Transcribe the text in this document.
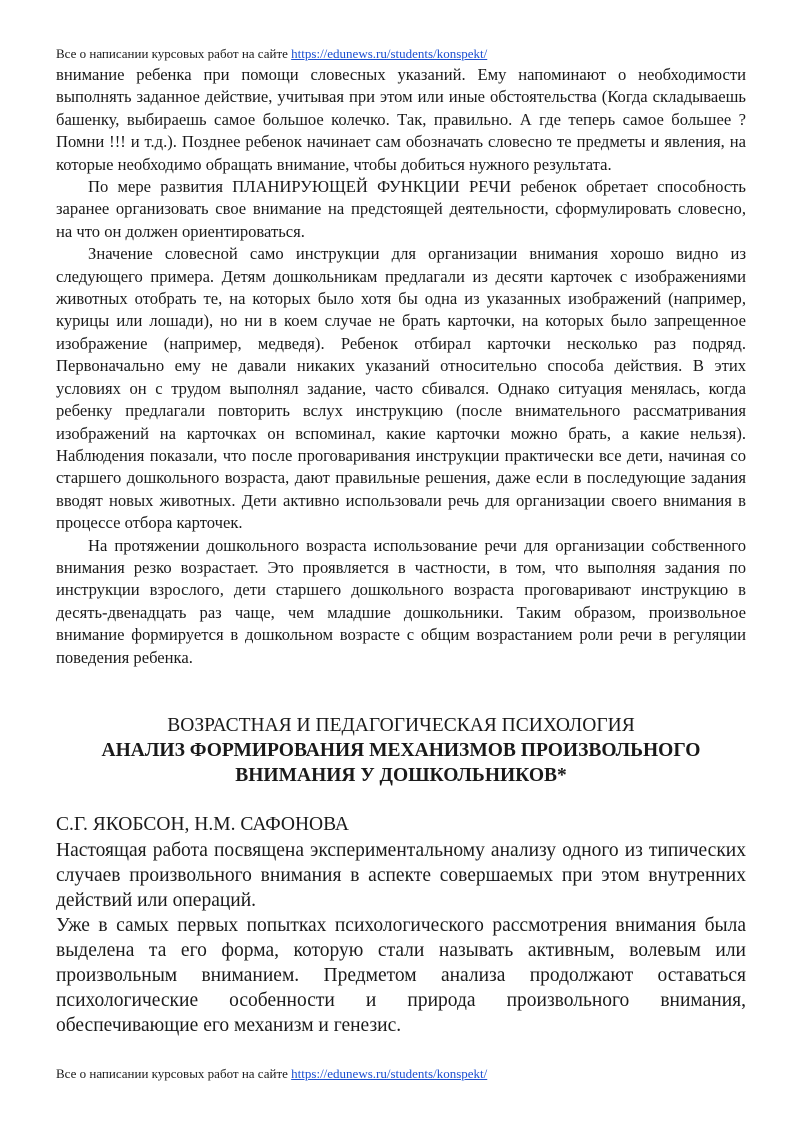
Все о написании курсовых работ на сайте https://edunews.ru/students/konspekt/

внимание ребенка при помощи словесных указаний. Ему напоминают о необходимости выполнять заданное действие, учитывая при этом или иные обстоятельства (Когда складываешь башенку, выбираешь самое большое колечко. Так, правильно. А где теперь самое большее ? Помни !!! и т.д.). Позднее ребенок начинает сам обозначать словесно те предметы и явления, на которые необходимо обращать внимание, чтобы добиться нужного результата.

По мере развития ПЛАНИРУЮЩЕЙ ФУНКЦИИ РЕЧИ ребенок обретает способность заранее организовать свое внимание на предстоящей деятельности, сформулировать словесно, на что он должен ориентироваться.

Значение словесной само инструкции для организации внимания хорошо видно из следующего примера. Детям дошкольникам предлагали из десяти карточек с изображениями животных отобрать те, на которых было хотя бы одна из указанных изображений (например, курицы или лошади), но ни в коем случае не брать карточки, на которых было запрещенное изображение (например, медведя). Ребенок отбирал карточки несколько раз подряд. Первоначально ему не давали никаких указаний относительно способа действия. В этих условиях он с трудом выполнял задание, часто сбивался. Однако ситуация менялась, когда ребенку предлагали повторить вслух инструкцию (после внимательного рассматривания изображений на карточках он вспоминал, какие карточки можно брать, а какие нельзя). Наблюдения показали, что после проговаривания инструкции практически все дети, начиная со старшего дошкольного возраста, дают правильные решения, даже если в последующие задания вводят новых животных. Дети активно использовали речь для организации своего внимания в процессе отбора карточек.

На протяжении дошкольного возраста использование речи для организации собственного внимания резко возрастает. Это проявляется в частности, в том, что выполняя задания по инструкции взрослого, дети старшего дошкольного возраста проговаривают инструкцию в десять-двенадцать раз чаще, чем младшие дошкольники. Таким образом, произвольное внимание формируется в дошкольном возрасте с общим возрастанием роли речи в регуляции поведения ребенка.

ВОЗРАСТНАЯ И ПЕДАГОГИЧЕСКАЯ ПСИХОЛОГИЯ

АНАЛИЗ ФОРМИРОВАНИЯ МЕХАНИЗМОВ ПРОИЗВОЛЬНОГО
ВНИМАНИЯ У ДОШКОЛЬНИКОВ*

С.Г. ЯКОБСОН, Н.М. САФОНОВА

Настоящая работа посвящена экспериментальному анализу одного из типических случаев произвольного внимания в аспекте совершаемых при этом внутренних действий или операций.

Уже в самых первых попытках психологического рассмотрения внимания была выделена та его форма, которую стали называть активным, волевым или произвольным вниманием. Предметом анализа продолжают оставаться психологические особенности и природа произвольного внимания, обеспечивающие его механизм и генезис.

Все о написании курсовых работ на сайте https://edunews.ru/students/konspekt/
